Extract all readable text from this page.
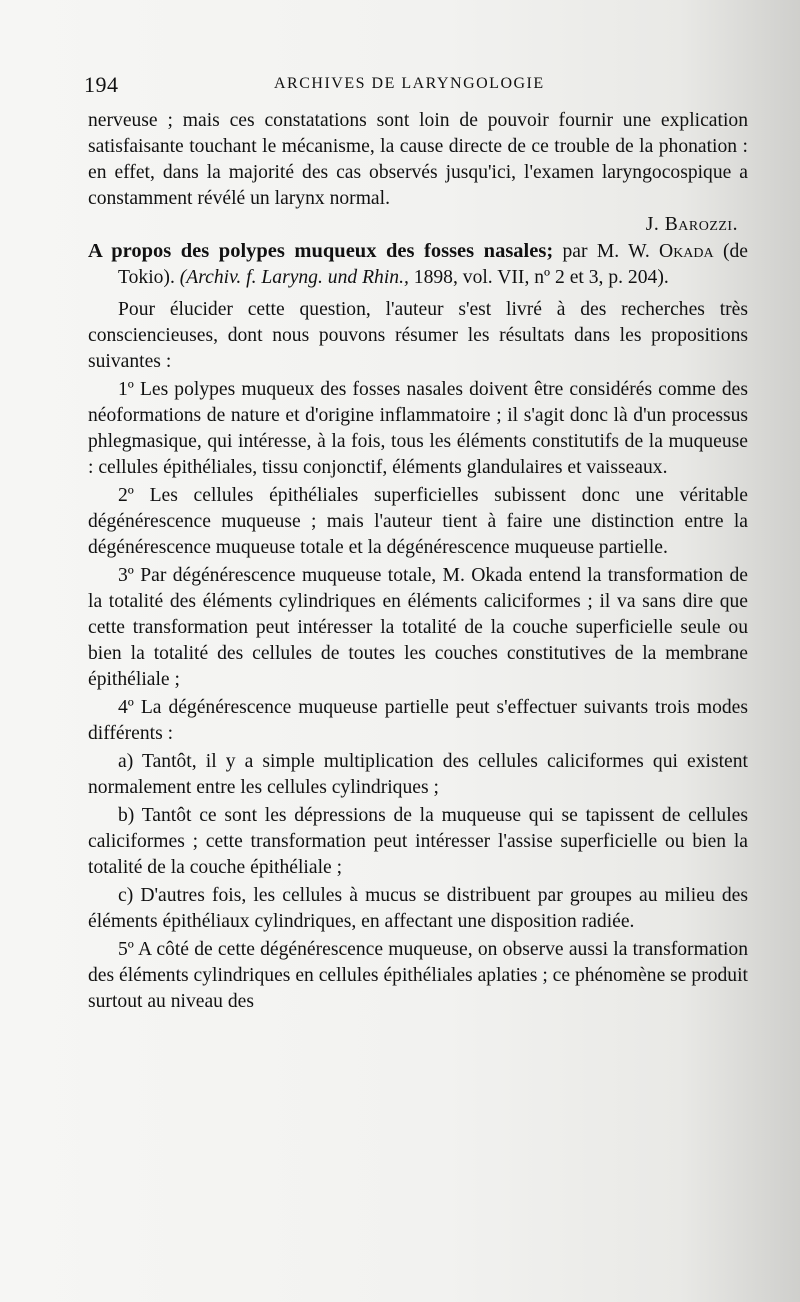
194	ARCHIVES DE LARYNGOLOGIE

nerveuse ; mais ces constatations sont loin de pouvoir fournir une explication satisfaisante touchant le mécanisme, la cause directe de ce trouble de la phonation : en effet, dans la majorité des cas observés jusqu'ici, l'examen laryngocospique a constamment révélé un larynx normal.

J. Barozzi.

A propos des polypes muqueux des fosses nasales; par M. W. Okada (de Tokio). (Archiv. f. Laryng. und Rhin., 1898, vol. VII, nº 2 et 3, p. 204).

Pour élucider cette question, l'auteur s'est livré à des recherches très consciencieuses, dont nous pouvons résumer les résultats dans les propositions suivantes :

1º Les polypes muqueux des fosses nasales doivent être considérés comme des néoformations de nature et d'origine inflammatoire ; il s'agit donc là d'un processus phlegmasique, qui intéresse, à la fois, tous les éléments constitutifs de la muqueuse : cellules épithéliales, tissu conjonctif, éléments glandulaires et vaisseaux.

2º Les cellules épithéliales superficielles subissent donc une véritable dégénérescence muqueuse ; mais l'auteur tient à faire une distinction entre la dégénérescence muqueuse totale et la dégénérescence muqueuse partielle.

3º Par dégénérescence muqueuse totale, M. Okada entend la transformation de la totalité des éléments cylindriques en éléments caliciformes ; il va sans dire que cette transformation peut intéresser la totalité de la couche superficielle seule ou bien la totalité des cellules de toutes les couches constitutives de la membrane épithéliale ;

4º La dégénérescence muqueuse partielle peut s'effectuer suivants trois modes différents :

a) Tantôt, il y a simple multiplication des cellules caliciformes qui existent normalement entre les cellules cylindriques ;

b) Tantôt ce sont les dépressions de la muqueuse qui se tapissent de cellules caliciformes ; cette transformation peut intéresser l'assise superficielle ou bien la totalité de la couche épithéliale ;

c) D'autres fois, les cellules à mucus se distribuent par groupes au milieu des éléments épithéliaux cylindriques, en affectant une disposition radiée.

5º A côté de cette dégénérescence muqueuse, on observe aussi la transformation des éléments cylindriques en cellules épithéliales aplaties ; ce phénomène se produit surtout au niveau des
